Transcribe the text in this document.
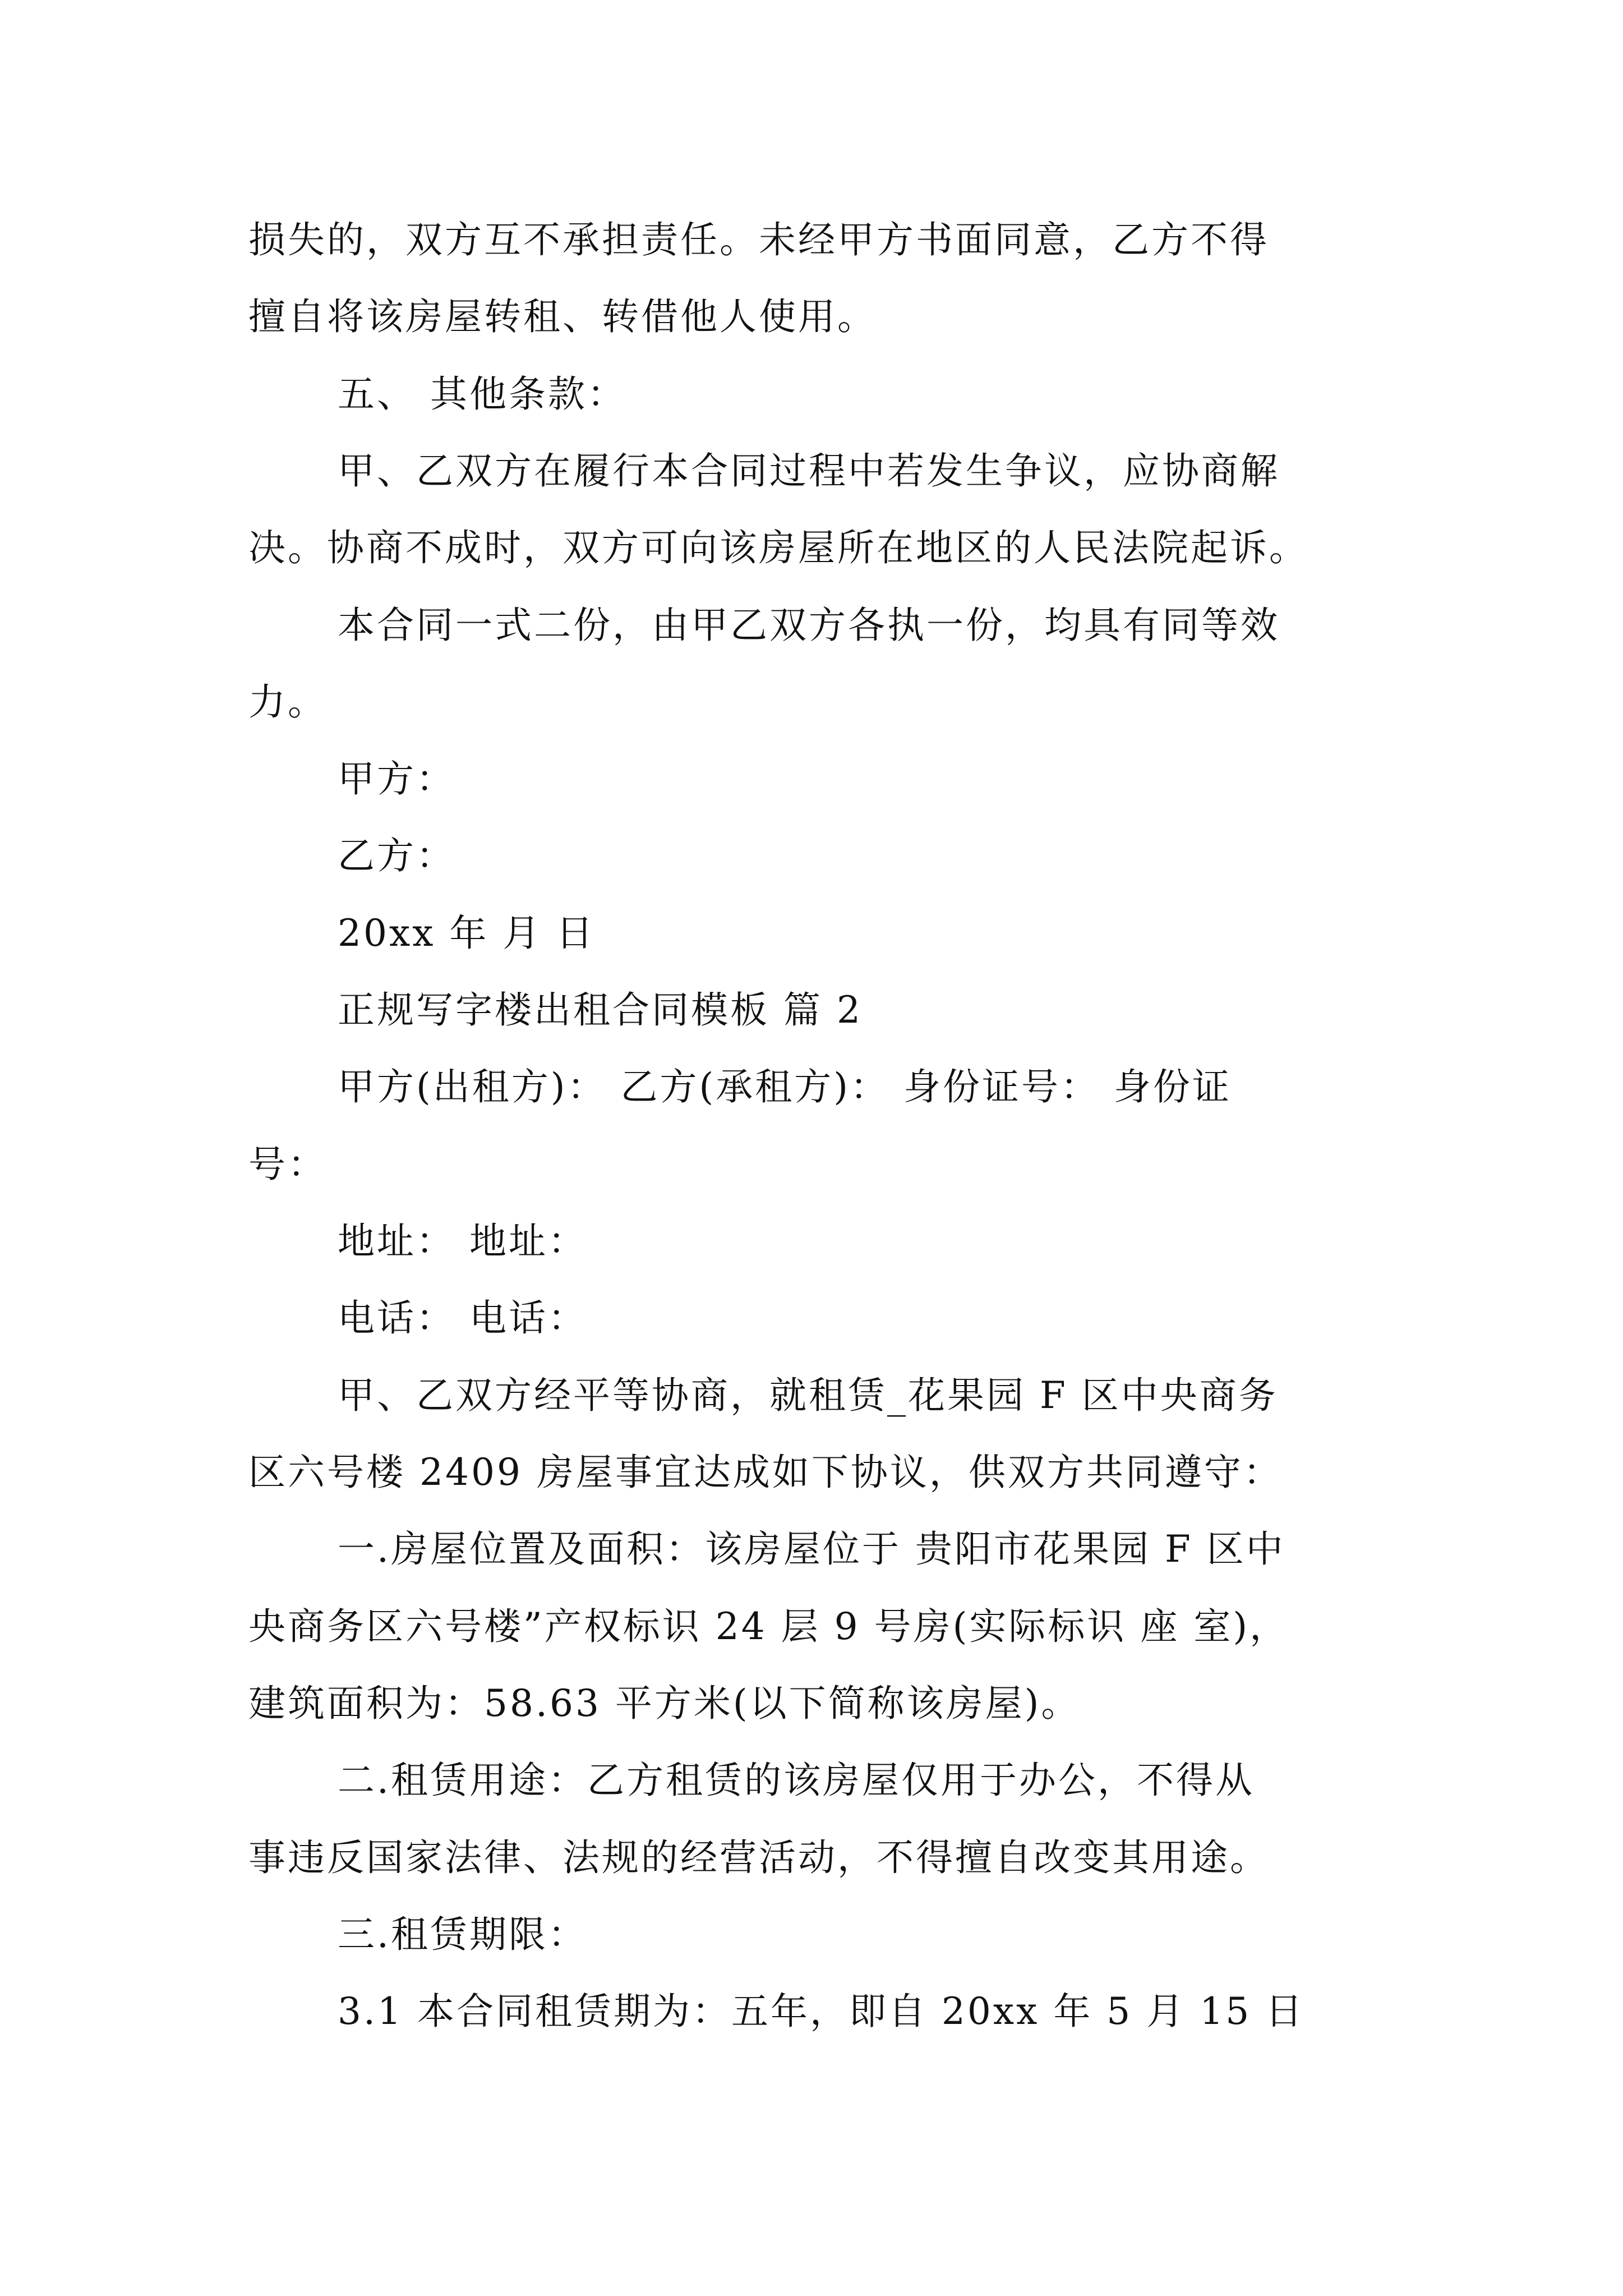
损失的，双方互不承担责任。未经甲方书面同意，乙方不得
擅自将该房屋转租、转借他人使用。
五、 其他条款：
甲、乙双方在履行本合同过程中若发生争议，应协商解
决。协商不成时，双方可向该房屋所在地区的人民法院起诉。
本合同一式二份，由甲乙双方各执一份，均具有同等效
力。
甲方：
乙方：
20xx 年 月 日
正规写字楼出租合同模板 篇 2
甲方(出租方)： 乙方(承租方)： 身份证号： 身份证
号：
地址： 地址：
电话： 电话：
甲、乙双方经平等协商，就租赁_花果园 F 区中央商务
区六号楼 2409 房屋事宜达成如下协议，供双方共同遵守：
一.房屋位置及面积：该房屋位于 贵阳市花果园 F 区中
央商务区六号楼”产权标识 24 层 9 号房(实际标识 座 室)，
建筑面积为：58.63 平方米(以下简称该房屋)。
二.租赁用途：乙方租赁的该房屋仅用于办公，不得从
事违反国家法律、法规的经营活动，不得擅自改变其用途。
三.租赁期限：
3.1 本合同租赁期为：五年，即自 20xx 年 5 月 15 日
